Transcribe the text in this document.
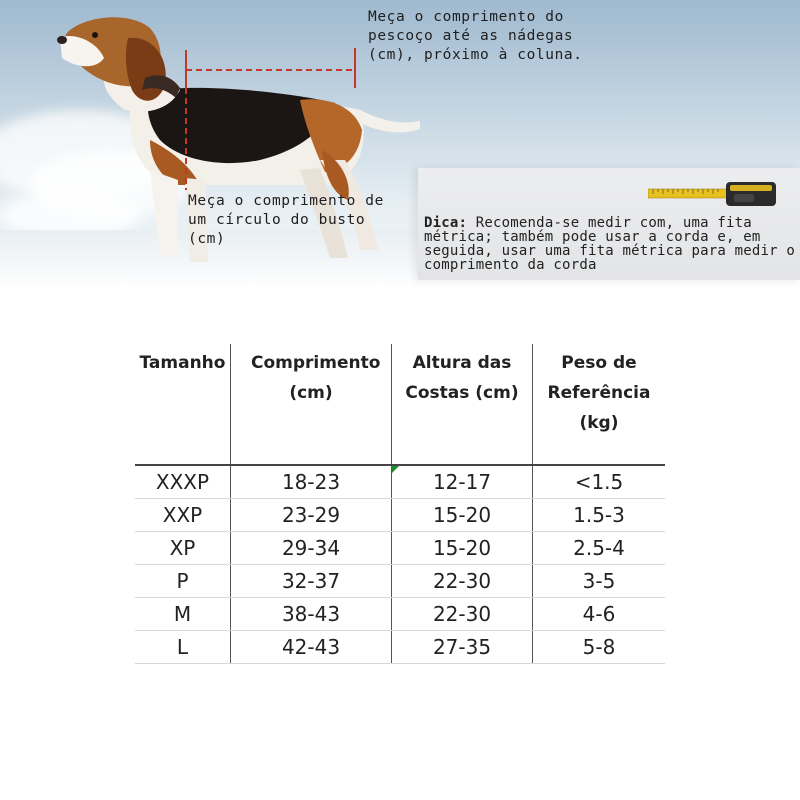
Meça o comprimento do pescoço até as nádegas (cm), próximo à coluna.
Meça o comprimento de um círculo do busto (cm)
Dica: Recomenda-se medir com, uma fita métrica; também pode usar a corda e, em seguida, usar uma fita métrica para medir o comprimento da corda
Tamanho	Comprimento (cm)	Altura das Costas (cm)	Peso de Referência (kg)

XXXP	18-23	12-17	<1.5
XXP	23-29	15-20	1.5-3
XP	29-34	15-20	2.5-4
P	32-37	22-30	3-5
M	38-43	22-30	4-6
L	42-43	27-35	5-8
